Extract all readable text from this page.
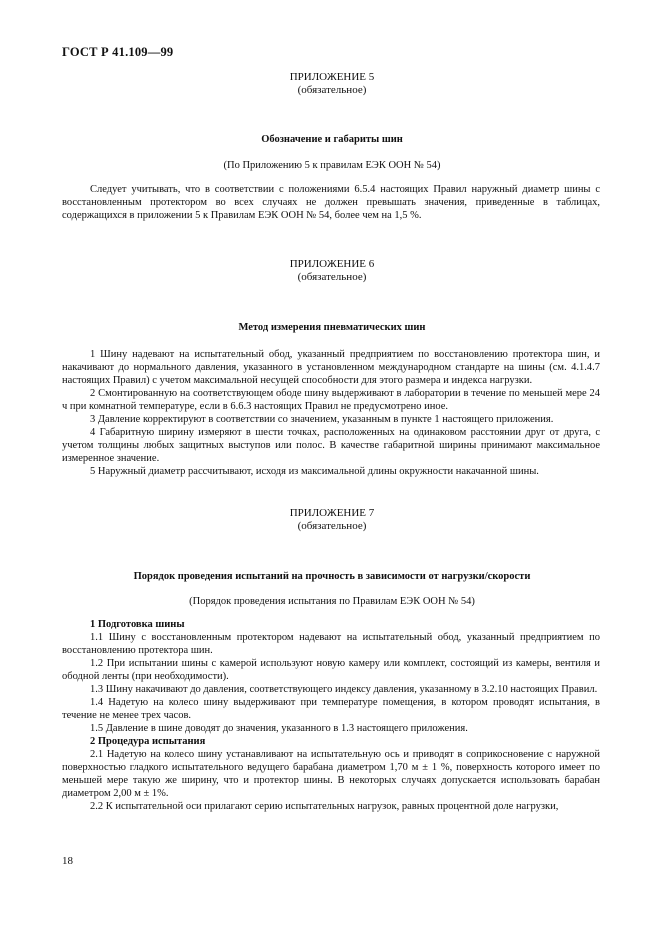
ГОСТ Р 41.109—99
ПРИЛОЖЕНИЕ 5
(обязательное)
Обозначение и габариты шин
(По Приложению 5 к правилам ЕЭК ООН № 54)

Следует учитывать, что в соответствии с положениями 6.5.4 настоящих Правил наружный диаметр шины с восстановленным протектором во всех случаях не должен превышать значения, приведенные в таблицах, содержащихся в приложении 5 к Правилам ЕЭК ООН № 54, более чем на 1,5 %.

ПРИЛОЖЕНИЕ 6
(обязательное)
Метод измерения пневматических шин

1 Шину надевают на испытательный обод, указанный предприятием по восстановлению протектора шин, и накачивают до нормального давления, указанного в установленном международном стандарте на шины (см. 4.1.4.7 настоящих Правил) с учетом максимальной несущей способности для этого размера и индекса нагрузки.

2 Смонтированную на соответствующем ободе шину выдерживают в лаборатории в течение по меньшей мере 24 ч при комнатной температуре, если в 6.6.3 настоящих Правил не предусмотрено иное.

3 Давление корректируют в соответствии со значением, указанным в пункте 1 настоящего приложения.

4 Габаритную ширину измеряют в шести точках, расположенных на одинаковом расстоянии друг от друга, с учетом толщины любых защитных выступов или полос. В качестве габаритной ширины принимают максимальное измеренное значение.

5 Наружный диаметр рассчитывают, исходя из максимальной длины окружности накачанной шины.

ПРИЛОЖЕНИЕ 7
(обязательное)
Порядок проведения испытаний на прочность в зависимости от нагрузки/скорости
(Порядок проведения испытания по Правилам ЕЭК ООН № 54)

1 Подготовка шины

1.1 Шину с восстановленным протектором надевают на испытательный обод, указанный предприятием по восстановлению протектора шин.

1.2 При испытании шины с камерой используют новую камеру или комплект, состоящий из камеры, вентиля и ободной ленты (при необходимости).

1.3 Шину накачивают до давления, соответствующего индексу давления, указанному в 3.2.10 настоящих Правил.

1.4 Надетую на колесо шину выдерживают при температуре помещения, в котором проводят испытания, в течение не менее трех часов.

1.5 Давление в шине доводят до значения, указанного в 1.3 настоящего приложения.

2 Процедура испытания

2.1 Надетую на колесо шину устанавливают на испытательную ось и приводят в соприкосновение с наружной поверхностью гладкого испытательного ведущего барабана диаметром 1,70 м ± 1 %, поверхность которого имеет по меньшей мере такую же ширину, что и протектор шины. В некоторых случаях допускается использовать барабан диаметром 2,00 м ± 1%.

2.2 К испытательной оси прилагают серию испытательных нагрузок, равных процентной доле нагрузки,

18
